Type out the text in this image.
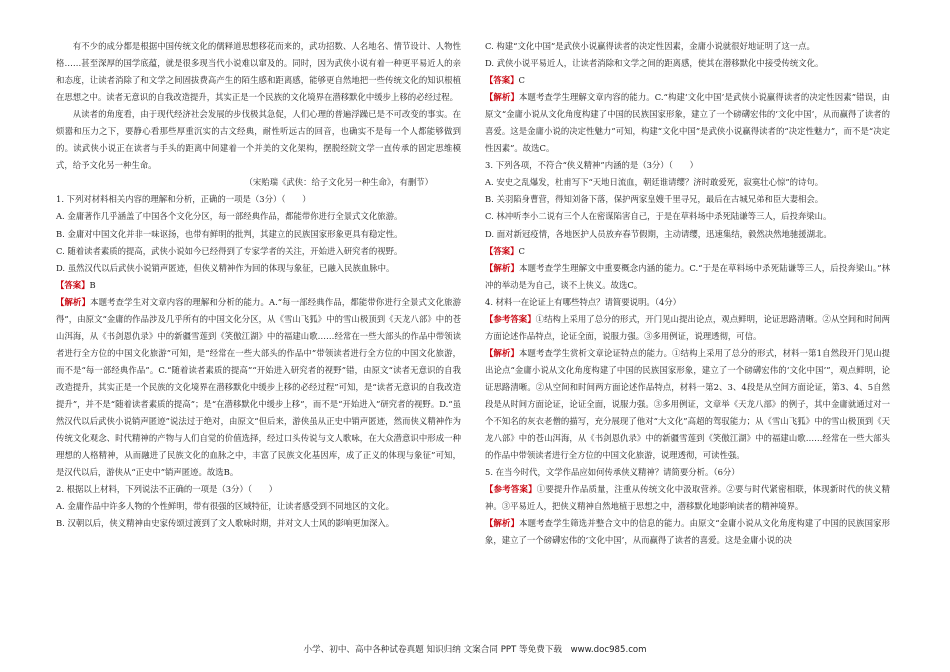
有不少的成分都是根据中国传统文化的儒释道思想移花而来的，武功招数、人名地名、情节设计、人物性格……甚至深厚的国学底蕴，就是很多现当代小说难以窜及的。同时，因为武侠小说有着一种更平易近人的亲和态度，让读者消除了和文学之间固拔费高产生的陌生感和距离感，能够更自然地把一些传统文化的知识根植在思想之中。读者无意识的自我改造提升，其实正是一个民族的文化境界在潜移默化中缓步上移的必经过程。

从读者的角度看，由于现代经济社会发展的步伐极其急促，人们心理的普遍浮躁已是不可改变的事实。在烦嚣和压力之下，要静心看那些厚重沉实的古文经典，耐性听远古的回音，也确实不是每一个人都能够做到的。读武侠小说正在读者与手头的距离中间建着一个并美的文化架构，摆脱经院文学一直传承的固定思维模式，给予文化另一种生命。

（宋贻瑞《武侠：给子文化另一种生命》，有删节）

1. 下列对材料相关内容的理解和分析，正确的一项是（3分）（　　）

A. 金庸著作几乎涵盖了中国各个文化分区，每一部经典作品，都能带你进行全景式文化旅游。

B. 金庸对中国文化并非一味讴扬，也带有鲜明的批判，其建立的民族国家形象更具有稳定性。

C. 随着读者素质的提高，武侠小说如今已经得到了专家学者的关注，开始进入研究者的视野。

D. 虽然汉代以后武侠小说销声匿迹，但侠义精神作为回的体现与象征，已融入民族血脉中。

【答案】B

【解析】本题考查学生对文章内容的理解和分析的能力。A.“每一部经典作品，都能带你进行全景式文化旅游得”，由原文“金庸的作品涉及几乎所有的中国文化分区，从《雪山飞狐》中的雪山极顶到《天龙八部》中的苍山洱海，从《书剑恩仇录》中的新疆雪莲到《笑傲江湖》中的福建山歌……经常在一些大部头的作品中带领读者进行全方位的中国文化旅游”可知，是“经常在一些大部头的作品中”带领读者进行全方位的中国文化旅游，而不是“每一部经典作品”。C.“随着读者素质的提高”“开始进入研究者的视野”错，由原文“读者无意识的自我改造提升，其实正是一个民族的文化境界在潜移默化中缓步上移的必经过程”可知，是“读者无意识的自我改造提升”，并不是“随着读者素质的提高”；是“在潜移默化中缓步上移”，而不是“开始进入”研究者的视野。D.“虽然汉代以后武侠小说销声匿迹”说法过于绝对，由原文“但后来，游侠虽从正史中销声匿迹，然而侠义精神作为传统文化观念、时代精神的产物与人们自觉的价值选择，经过口头传说与文人歌咏，在大众潜意识中形成一种理想的人格精神，从而融进了民族文化的血脉之中，丰富了民族文化基因库，成了正义的体现与象征”可知，是汉代以后，游侠从“正史中”销声匿迹。故选B。

2. 根据以上材料，下列说法不正确的一项是（3分）（　　）

A. 金庸作品中许多人物的个性鲜明，带有很强的区域特征，让读者感受到不同地区的文化。

B. 汉朝以后，侠义精神由史家传颂过渡到了文人歌咏时期，并对文人士风的影响更加深入。

C. 构建“文化中国”是武侠小说赢得读者的决定性因素，金庸小说就很好地证明了这一点。

D. 武侠小说平易近人，让读者消除和文学之间的距离感，使其在潜移默化中接受传统文化。

【答案】C

【解析】本题考查学生理解文章内容的能力。C.“构建‘文化中国’是武侠小说赢得读者的决定性因素”错误，由原文“金庸小说从文化角度构建了中国的民族国家形象，建立了一个磅礴宏伟的‘文化中国’，从而赢得了读者的喜爱。这是金庸小说的决定性魅力”可知，构建“文化中国”是武侠小说赢得读者的“决定性魅力”，而不是“决定性因素”。故选C。

3. 下列各项，不符合“侠义精神”内涵的是（3分）（　　）

A. 安史之乱爆发，杜甫写下“天地日流血，朝廷谁请缨？济时敢爱死，寂寞壮心惊”的诗句。

B. 关羽陷身曹营，得知刘备下落，保护两家皇嫂千里寻兄，最后在古城兄弟和臣大妻相会。

C. 林冲听李小二说有三个人在密谋陷害自己，于是在草料场中杀死陆谦等三人，后投奔梁山。

D. 面对新冠疫情，各地医护人员放弃春节假期，主动请缨，迅速集结，毅然决然地驰援湖北。

【答案】C

【解析】本题考查学生理解文中重要概念内涵的能力。C.“于是在草料场中杀死陆谦等三人，后投奔梁山。”林冲的举动是为自己，谈不上侠义。故选C。

4. 材料一在论证上有哪些特点？请简要说明。（4分）

【参考答案】①结构上采用了总分的形式，开门见山提出论点，观点鲜明，论证思路清晰。②从空间和时间两方面论述作品特点，论证全面，说服力强。③多用例证，说理透彻，可信。

【解析】本题考查学生赏析文章论证特点的能力。①结构上采用了总分的形式，材料一第1自然段开门见山提出论点“金庸小说从文化角度构建了中国的民族国家形象，建立了一个磅礴宏伟的‘文化中国’”，观点鲜明，论证思路清晰。②从空间和时间两方面论述作品特点，材料一第2、3、4段是从空间方面论证，第3、4、5自然段是从时间方面论证，论证全面，说服力强。③多用例证，文章举《天龙八部》的例子，其中金庸就通过对一个不知名的灰衣老僧的描写，充分展现了他对“大文化”高超的驾驭能力；从《雪山飞狐》中的雪山极顶到《天龙八部》中的苍山洱海，从《书剑恩仇录》中的新疆雪莲到《笑傲江湖》中的福建山歌……经常在一些大部头的作品中带领读者进行全方位的中国文化旅游，说理透彻，可读性强。

5. 在当今时代，文学作品应如何传承侠义精神？请简要分析。（6分）

【参考答案】①要提升作品质量，注重从传统文化中汲取营养。②要与时代紧密相联，体现新时代的侠义精神。③平易近人，把侠义精神自然地植于思想之中，潜移默化地影响读者的精神境界。

【解析】本题考查学生筛选并整合文中的信息的能力。由原文“金庸小说从文化角度构建了中国的民族国家形象，建立了一个磅礴宏伟的‘文化中国’，从而赢得了读者的喜爱。这是金庸小说的决

小学、初中、高中各种试卷真题 知识归纳 文案合同 PPT 等免费下载　www.doc985.com
